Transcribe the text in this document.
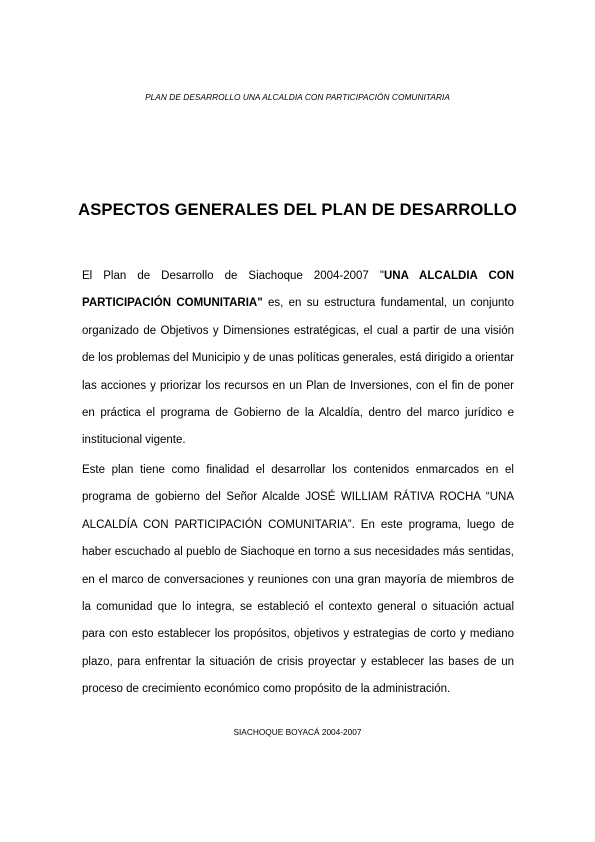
PLAN DE DESARROLLO UNA ALCALDIA CON PARTICIPACIÓN COMUNITARIA
ASPECTOS GENERALES DEL PLAN DE DESARROLLO

El Plan de Desarrollo de Siachoque 2004-2007 "UNA ALCALDIA CON PARTICIPACIÓN COMUNITARIA" es, en su estructura fundamental, un conjunto organizado de Objetivos y Dimensiones estratégicas, el cual a partir de una visión de los problemas del Municipio y de unas políticas generales, está dirigido a orientar las acciones y priorizar los recursos en un Plan de Inversiones, con el fin de poner en práctica el programa de Gobierno de la Alcaldía, dentro del marco jurídico e institucional vigente.

Este plan tiene como finalidad el desarrollar los contenidos enmarcados en el programa de gobierno del Señor Alcalde JOSÉ WILLIAM RÁTIVA ROCHA “UNA ALCALDÍA CON PARTICIPACIÓN COMUNITARIA”. En este programa, luego de haber escuchado al pueblo de Siachoque en torno a sus necesidades más sentidas, en el marco de conversaciones y reuniones con una gran mayoría de miembros de la comunidad que lo integra, se estableció el contexto general o situación actual para con esto establecer los propósitos, objetivos y estrategias de corto y mediano plazo, para enfrentar la situación de crisis proyectar y establecer las bases de un proceso de crecimiento económico como propósito de la administración.

SIACHOQUE BOYACÁ 2004-2007
